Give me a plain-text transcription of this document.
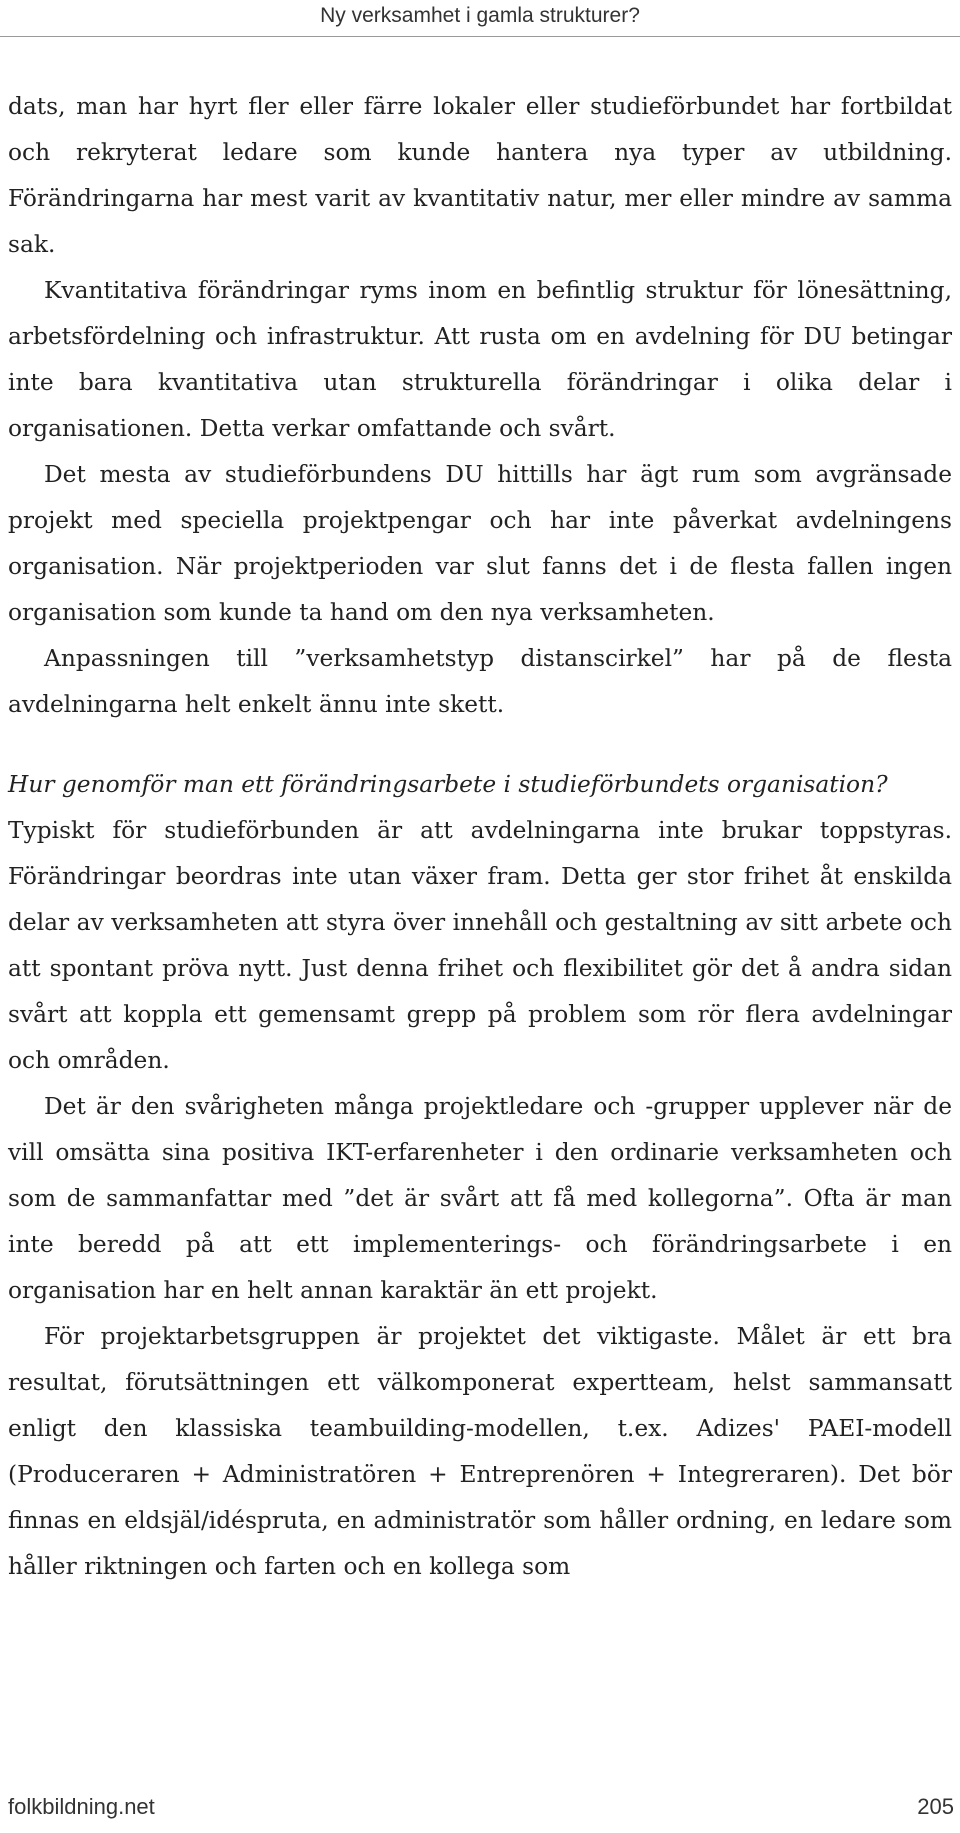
Ny verksamhet i gamla strukturer?

dats, man har hyrt fler eller färre lokaler eller studieförbundet har fortbildat och rekryterat ledare som kunde hantera nya typer av utbildning. Förändringarna har mest varit av kvantitativ natur, mer eller mindre av samma sak.

Kvantitativa förändringar ryms inom en befintlig struktur för lönesättning, arbetsfördelning och infrastruktur. Att rusta om en avdelning för DU betingar inte bara kvantitativa utan strukturella förändringar i olika delar i organisationen. Detta verkar omfattande och svårt.

Det mesta av studieförbundens DU hittills har ägt rum som avgränsade projekt med speciella projektpengar och har inte påverkat avdelningens organisation. När projektperioden var slut fanns det i de flesta fallen ingen organisation som kunde ta hand om den nya verksamheten.

Anpassningen till ”verksamhetstyp distanscirkel” har på de flesta avdelningarna helt enkelt ännu inte skett.

Hur genomför man ett förändringsarbete i studieförbundets organisation?

Typiskt för studieförbunden är att avdelningarna inte brukar toppstyras. Förändringar beordras inte utan växer fram. Detta ger stor frihet åt enskilda delar av verksamheten att styra över innehåll och gestaltning av sitt arbete och att spontant pröva nytt. Just denna frihet och flexibilitet gör det å andra sidan svårt att koppla ett gemensamt grepp på problem som rör flera avdelningar och områden.

Det är den svårigheten många projektledare och -grupper upplever när de vill omsätta sina positiva IKT-erfarenheter i den ordinarie verksamheten och som de sammanfattar med ”det är svårt att få med kollegorna”. Ofta är man inte beredd på att ett implementerings- och förändringsarbete i en organisation har en helt annan karaktär än ett projekt.

För projektarbetsgruppen är projektet det viktigaste. Målet är ett bra resultat, förutsättningen ett välkomponerat expertteam, helst sammansatt enligt den klassiska teambuilding-modellen, t.ex. Adizes' PAEI-modell (Produceraren + Administratören + Entreprenören + Integreraren). Det bör finnas en eldsjäl/idéspruta, en administratör som håller ordning, en ledare som håller riktningen och farten och en kollega som

folkbildning.net	205
